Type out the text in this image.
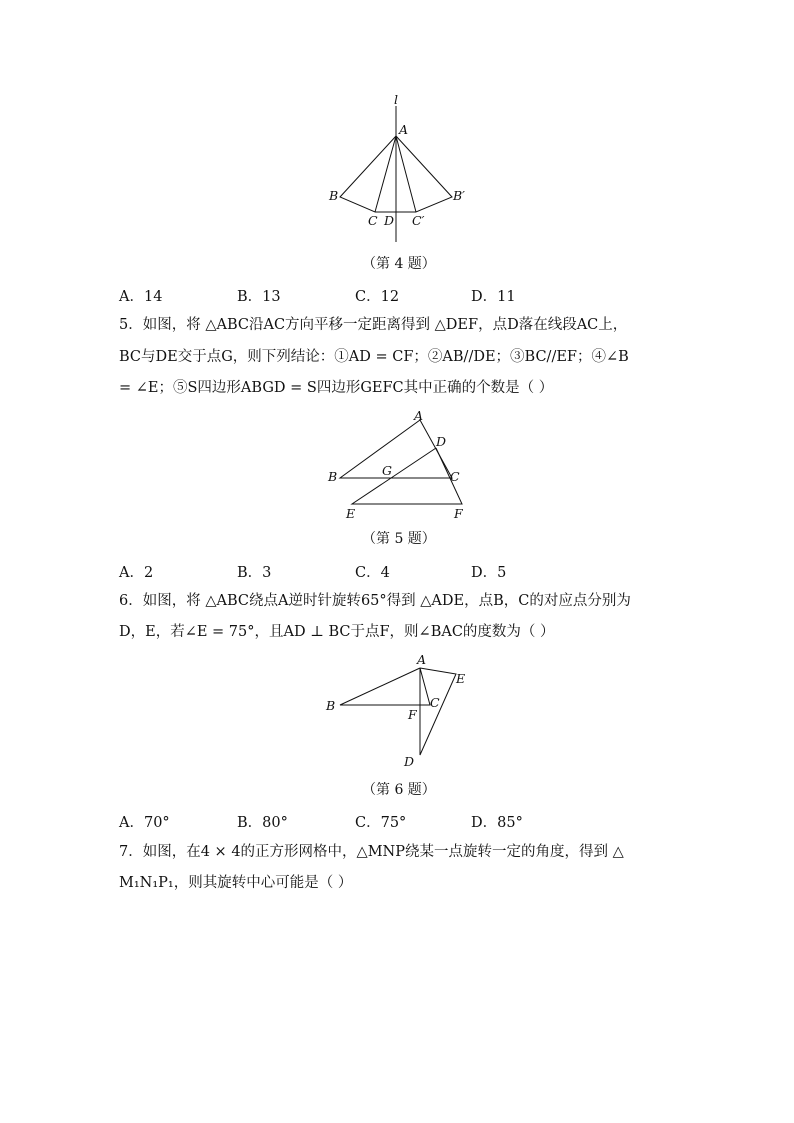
l
A
B
C D C′
B′
（第 4 题）
A．14	B．13	C．12	D．11
5．如图，将 △ABC沿AC方向平移一定距离得到 △DEF，点D落在线段AC上，
BC与DE交于点G，则下列结论：①AD = CF；②AB//DE；③BC//EF；④∠B
= ∠E；⑤S四边形ABGD = S四边形GEFC其中正确的个数是（ ）
A
D
B	G	C
E	F
（第 5 题）
A．2	B．3	C．4	D．5
6．如图，将 △ABC绕点A逆时针旋转65°得到 △ADE，点B，C的对应点分别为
D，E，若∠E = 75°，且AD ⊥ BC于点F，则∠BAC的度数为（ ）
A
E
B	C
F
D
（第 6 题）
A．70°	B．80°	C．75°	D．85°
7．如图，在4 × 4的正方形网格中，△MNP绕某一点旋转一定的角度，得到 △
M₁N₁P₁，则其旋转中心可能是（ ）
